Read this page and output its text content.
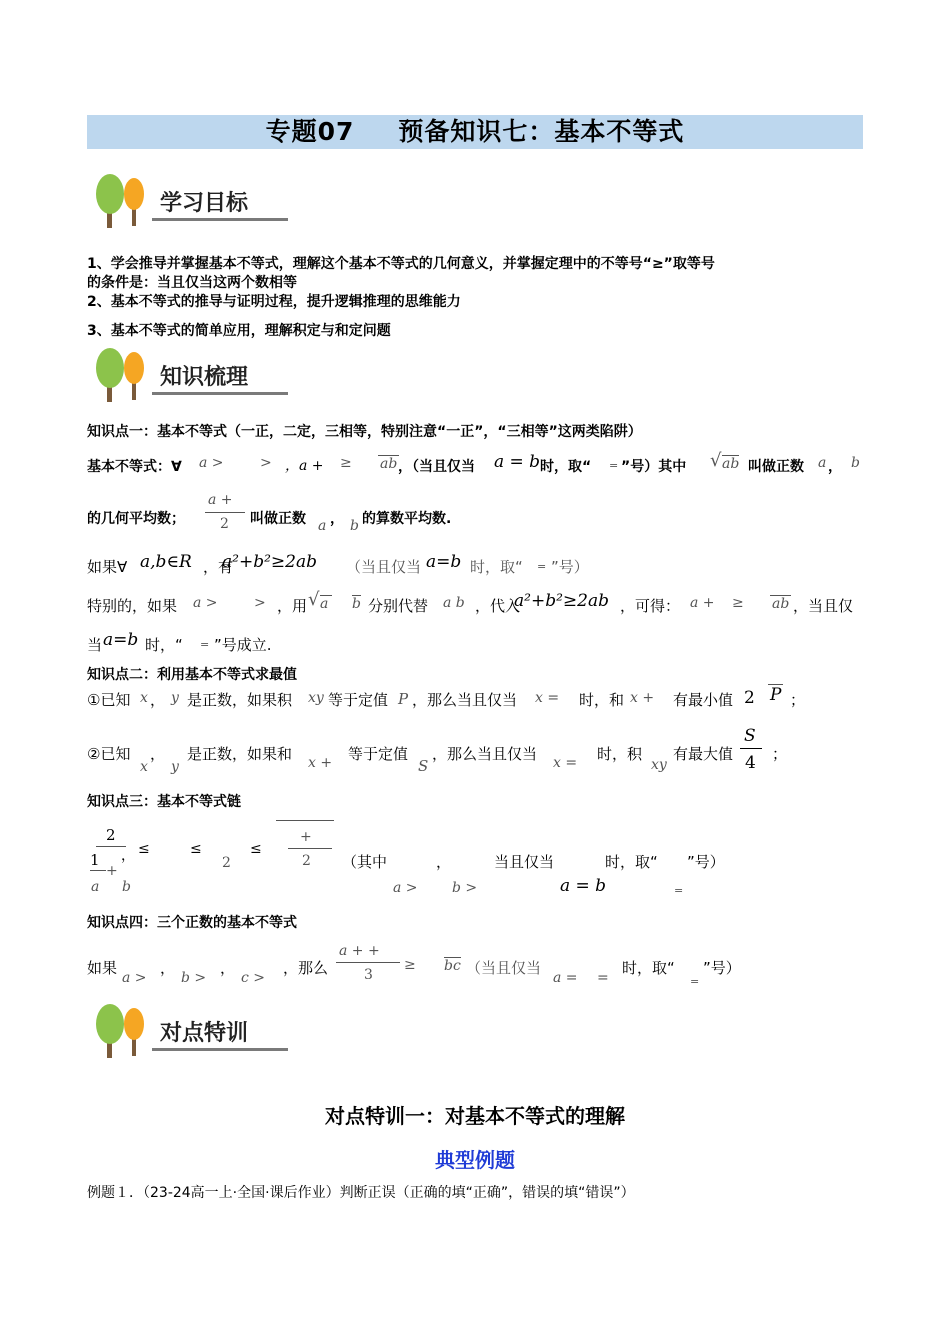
专题07 预备知识七：基本不等式
学习目标
1、学会推导并掌握基本不等式，理解这个基本不等式的几何意义，并掌握定理中的不等号“≥”取等号
的条件是：当且仅当这两个数相等
2、基本不等式的推导与证明过程，提升逻辑推理的思维能力
3、基本不等式的简单应用，理解积定与和定问题
知识梳理
知识点一：基本不等式（一正，二定，三相等，特别注意“一正”，“三相等”这两类陷阱）
基本不等式：∀ a >	> ，a + ≥ ab ，（当且仅当 a = b 时，取“ = ”号）其中 √ ab 叫做正数 a ， b
的几何平均数；
a +
2 叫做正数 a ， b 的算数平均数.
如果∀ a,b∈R ，有
a²+b²≥2ab （当且仅当 a=b 时，取“ = ”号）
特别的，如果 a >	> ，用 √ a b 分别代替 a b ，代入
a²+b²≥2ab ，可得： a + ≥ ab ，当且仅
当 a=b 时，“ = ”号成立.
知识点二：利用基本不等式求最值
①已知 x ， y 是正数，如果积 xy 等于定值 P ，那么当且仅当 x = 时，和 x + 有最小值 2 P ；
②已知
x
，
y
是正数，如果和 x + 等于定值
S
，那么当且仅当 x = 时，积
xy
有最大值
S
4 ；
知识点三：基本不等式链
2
1
a
+
b
， ≤	≤
2
≤
+
2 （其中	，	当且仅当	时，取“ ”号）
a > b >	a = b	=
知识点四：三个正数的基本不等式
如果
a >
，
b >
，
c >
，那么
a + +
3
≥ bc （当且仅当
a = =
时，取“ ”号）
=
对点特训
对点特训一：对基本不等式的理解
典型例题
例题１．（23-24高一上·全国·课后作业）判断正误（正确的填“正确”，错误的填“错误”）
